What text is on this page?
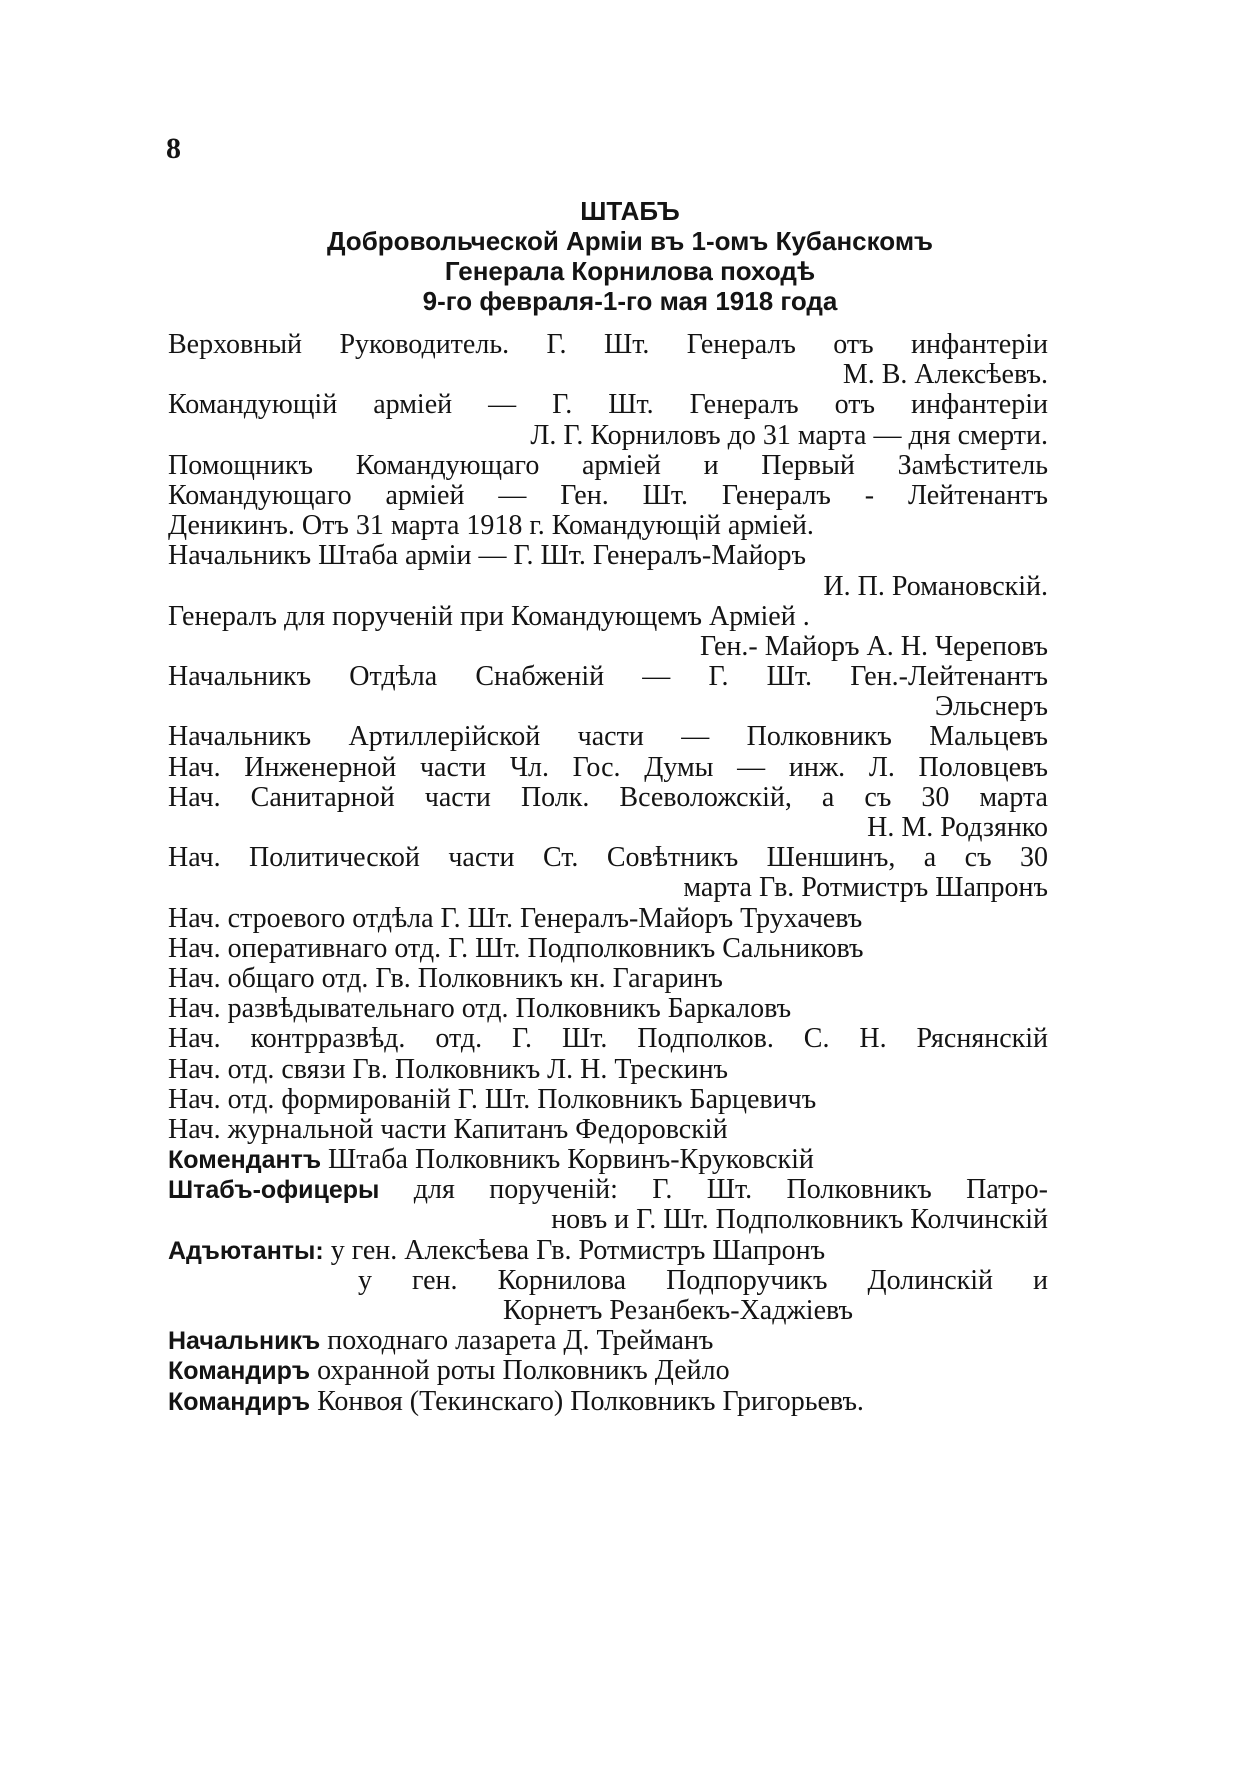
8
ШТАБЪ
Добровольческой Арміи въ 1-омъ Кубанскомъ
Генерала Корнилова походѣ
9-го февраля-1-го мая 1918 года
Верховный Руководитель. Г. Шт. Генералъ отъ инфантеріи
М. В. Алексѣевъ.
Командующій арміей — Г. Шт. Генералъ отъ инфантеріи
Л. Г. Корниловъ до 31 марта — дня смерти.
Помощникъ Командующаго арміей и Первый Замѣститель
Командующаго арміей — Ген. Шт. Генералъ - Лейтенантъ
Деникинъ. Отъ 31 марта 1918 г. Командующій арміей.
Начальникъ Штаба арміи — Г. Шт. Генералъ-Майоръ
И. П. Романовскій.
Генералъ для порученій при Командующемъ Арміей .
Ген.- Майоръ А. Н. Череповъ
Начальникъ Отдѣла Снабженій — Г. Шт. Ген.-Лейтенантъ
Эльснеръ
Начальникъ Артиллерійской части — Полковникъ Мальцевъ
Нач. Инженерной части Чл. Гос. Думы — инж. Л. Половцевъ
Нач. Санитарной части Полк. Всеволожскій, а съ 30 марта
Н. М. Родзянко
Нач. Политической части Ст. Совѣтникъ Шеншинъ, а съ 30
марта Гв. Ротмистръ Шапронъ
Нач. строевого отдѣла Г. Шт. Генералъ-Майоръ Трухачевъ
Нач. оперативнаго отд. Г. Шт. Подполковникъ Сальниковъ
Нач. общаго отд. Гв. Полковникъ кн. Гагаринъ
Нач. развѣдывательнаго отд. Полковникъ Баркаловъ
Нач. контрразвѣд. отд. Г. Шт. Подполков. С. Н. Ряснянскій
Нач. отд. связи Гв. Полковникъ Л. Н. Трескинъ
Нач. отд. формированій Г. Шт. Полковникъ Барцевичъ
Нач. журнальной части Капитанъ Федоровскій
Комендантъ Штаба Полковникъ Корвинъ-Круковскій
Штабъ-офицеры для порученій: Г. Шт. Полковникъ Патро-
новъ и Г. Шт. Подполковникъ Колчинскій
Адъютанты: у ген. Алексѣева Гв. Ротмистръ Шапронъ
у ген. Корнилова Подпоручикъ Долинскій и
Корнетъ Резанбекъ-Хаджіевъ
Начальникъ походнаго лазарета Д. Трейманъ
Командиръ охранной роты Полковникъ Дейло
Командиръ Конвоя (Текинскаго) Полковникъ Григорьевъ.
